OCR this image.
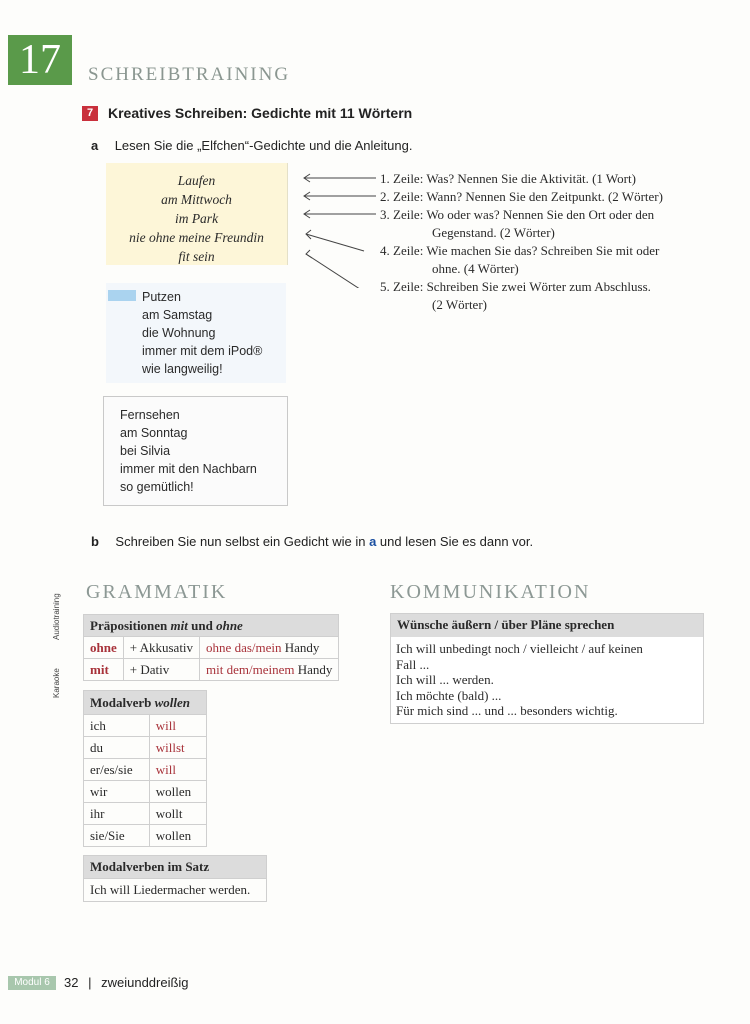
17	SCHREIBTRAINING
7	Kreatives Schreiben: Gedichte mit 11 Wörtern
a Lesen Sie die „Elfchen“-Gedichte und die Anleitung.
Laufen
am Mittwoch
im Park
nie ohne meine Freundin
fit sein
1. Zeile: Was? Nennen Sie die Aktivität. (1 Wort)
2. Zeile: Wann? Nennen Sie den Zeitpunkt. (2 Wörter)
3. Zeile: Wo oder was? Nennen Sie den Ort oder den
Gegenstand. (2 Wörter)
4. Zeile: Wie machen Sie das? Schreiben Sie mit oder
ohne. (4 Wörter)
5. Zeile: Schreiben Sie zwei Wörter zum Abschluss.
(2 Wörter)
Putzen
am Samstag
die Wohnung
immer mit dem iPod®
wie langweilig!
Fernsehen
am Sonntag
bei Silvia
immer mit den Nachbarn
so gemütlich!
b Schreiben Sie nun selbst ein Gedicht wie in a und lesen Sie es dann vor.
Audiotraining
Karaoke
GRAMMATIK
Präpositionen mit und ohne		
ohne	+ Akkusativ	ohne das/mein Handy
mit	+ Dativ	mit dem/meinem Handy
Modalverb wollen	
ich	will
du	willst
er/es/sie	will
wir	wollen
ihr	wollt
sie/Sie	wollen
Modalverben im Satz
Ich will Liedermacher werden.
KOMMUNIKATION
Wünsche äußern / über Pläne sprechen
Ich will unbedingt noch / vielleicht / auf keinen
Fall ...
Ich will ... werden.
Ich möchte (bald) ...
Für mich sind ... und ... besonders wichtig.
Modul 6	32 | zweiunddreißig
